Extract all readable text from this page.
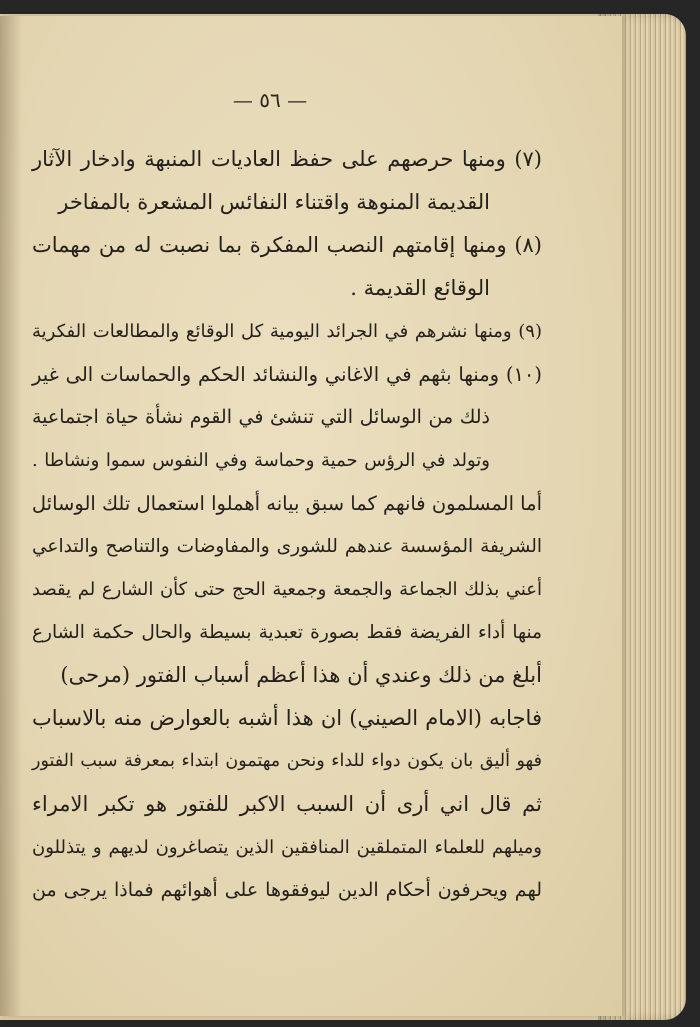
— ٥٦ —
(٧) ومنها حرصهم على حفظ العاديات المنبهة وادخار الآثار
القديمة المنوهة واقتناء النفائس المشعرة بالمفاخر
(٨) ومنها إقامتهم النصب المفكرة بما نصبت له من مهمات
الوقائع القديمة .
(٩) ومنها نشرهم في الجرائد اليومية كل الوقائع والمطالعات الفكرية
(١٠) ومنها بثهم في الاغاني والنشائد الحكم والحماسات الى غير
ذلك من الوسائل التي تنشئ في القوم نشأة حياة اجتماعية
وتولد في الرؤس حمية وحماسة وفي النفوس سموا ونشاطا .
أما المسلمون فانهم كما سبق بيانه أهملوا استعمال تلك الوسائل
الشريفة المؤسسة عندهم للشورى والمفاوضات والتناصح والتداعي
أعني بذلك الجماعة والجمعة وجمعية الحج حتى كأن الشارع لم يقصد
منها أداء الفريضة فقط بصورة تعبدية بسيطة والحال حكمة الشارع
أبلغ من ذلك وعندي أن هذا أعظم أسباب الفتور (مرحى)
فاجابه (الامام الصيني) ان هذا أشبه بالعوارض منه بالاسباب
فهو أليق بان يكون دواء للداء ونحن مهتمون ابتداء بمعرفة سبب الفتور
ثم قال اني أرى أن السبب الاكبر للفتور هو تكبر الامراء
وميلهم للعلماء المتملقين المنافقين الذين يتصاغرون لديهم و يتذللون
لهم ويحرفون أحكام الدين ليوفقوها على أهوائهم فماذا يرجى من
